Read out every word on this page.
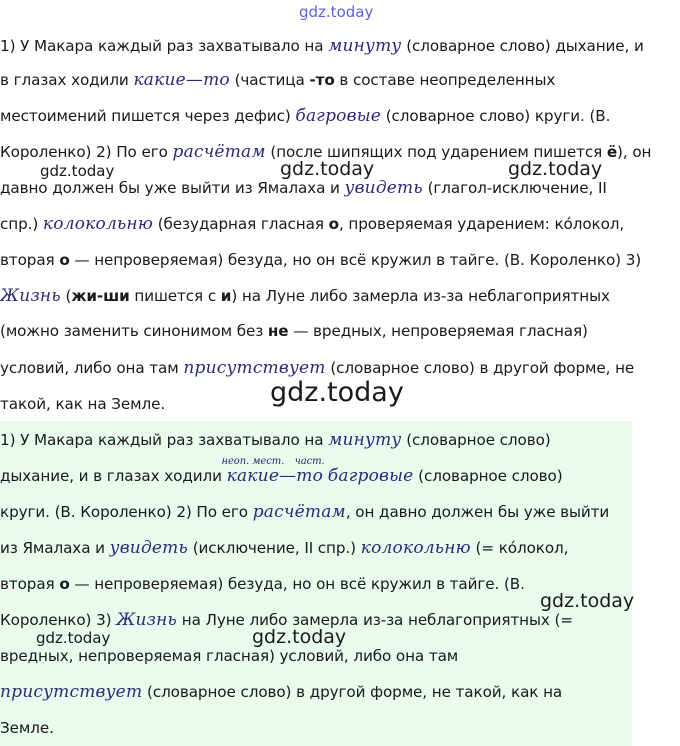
1) У Макара каждый раз захватывало на минуту (словарное слово) дыхание, и
в глазах ходили какие—то (частица -то в составе неопределенных
местоимений пишется через дефис) багровые (словарное слово) круги. (В.
Короленко) 2) По его расчётам (после шипящих под ударением пишется ё), он
давно должен бы уже выйти из Ямалаха и увидеть (глагол-исключение, II
спр.) колокольню (безударная гласная о, проверяемая ударением: ко́локол,
вторая о — непроверяемая) безуда, но он всё кружил в тайге. (В. Короленко) 3)
Жизнь (жи-ши пишется с и) на Луне либо замерла из-за неблагоприятных
(можно заменить синонимом без не — вредных, непроверяемая гласная)
условий, либо она там присутствует (словарное слово) в другой форме, не
такой, как на Земле.
1) У Макара каждый раз захватывало на минуту (словарное слово)
дыхание, и в глазах ходили
неоп. мест.
какие—
част.
то багровые (словарное слово)
круги. (В. Короленко) 2) По его расчётам, он давно должен бы уже выйти
из Ямалаха и увидеть (исключение, II спр.) колокольню (= ко́локол,
вторая о — непроверяемая) безуда, но он всё кружил в тайге. (В.
Короленко) 3) Жизнь на Луне либо замерла из-за неблагоприятных (=
вредных, непроверяемая гласная) условий, либо она там
присутствует (словарное слово) в другой форме, не такой, как на
Земле.
gdz.today
gdz.today	gdz.today	gdz.today
gdz.today
gdz.today
gdz.today	gdz.today
